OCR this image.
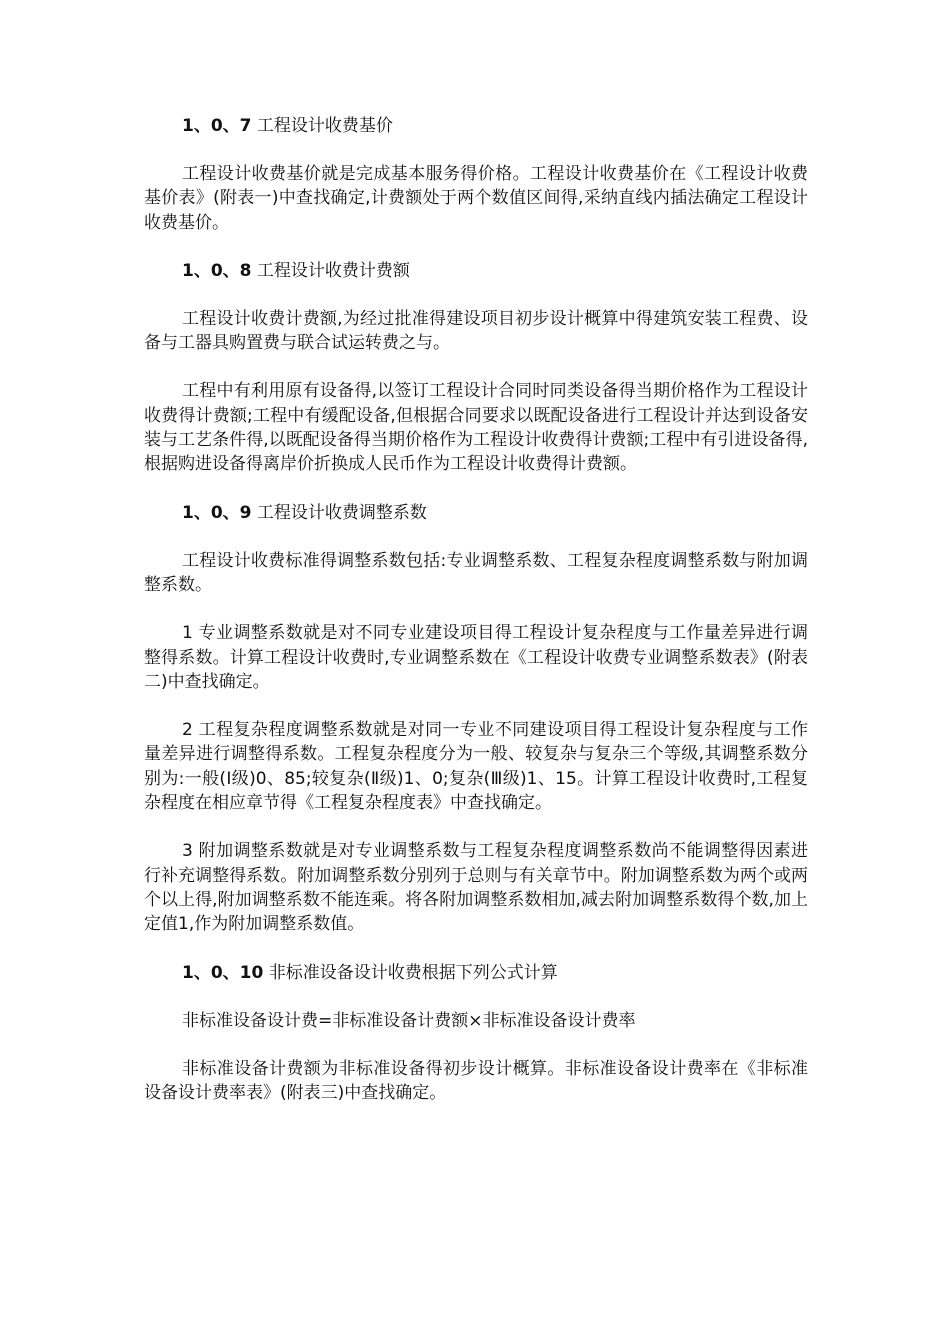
1、0、7 工程设计收费基价

工程设计收费基价就是完成基本服务得价格。工程设计收费基价在《工程设计收费基价表》(附表一)中查找确定,计费额处于两个数值区间得,采纳直线内插法确定工程设计收费基价。

1、0、8 工程设计收费计费额

工程设计收费计费额,为经过批准得建设项目初步设计概算中得建筑安装工程费、设备与工器具购置费与联合试运转费之与。

工程中有利用原有设备得,以签订工程设计合同时同类设备得当期价格作为工程设计收费得计费额;工程中有缓配设备,但根据合同要求以既配设备进行工程设计并达到设备安装与工艺条件得,以既配设备得当期价格作为工程设计收费得计费额;工程中有引进设备得,根据购进设备得离岸价折换成人民币作为工程设计收费得计费额。

1、0、9 工程设计收费调整系数

工程设计收费标准得调整系数包括:专业调整系数、工程复杂程度调整系数与附加调整系数。

1 专业调整系数就是对不同专业建设项目得工程设计复杂程度与工作量差异进行调整得系数。计算工程设计收费时,专业调整系数在《工程设计收费专业调整系数表》(附表二)中查找确定。

2 工程复杂程度调整系数就是对同一专业不同建设项目得工程设计复杂程度与工作量差异进行调整得系数。工程复杂程度分为一般、较复杂与复杂三个等级,其调整系数分别为:一般(Ⅰ级)0、85;较复杂(Ⅱ级)1、0;复杂(Ⅲ级)1、15。计算工程设计收费时,工程复杂程度在相应章节得《工程复杂程度表》中查找确定。

3 附加调整系数就是对专业调整系数与工程复杂程度调整系数尚不能调整得因素进行补充调整得系数。附加调整系数分别列于总则与有关章节中。附加调整系数为两个或两个以上得,附加调整系数不能连乘。将各附加调整系数相加,减去附加调整系数得个数,加上定值1,作为附加调整系数值。

1、0、10 非标准设备设计收费根据下列公式计算

非标准设备设计费=非标准设备计费额×非标准设备设计费率

非标准设备计费额为非标准设备得初步设计概算。非标准设备设计费率在《非标准设备设计费率表》(附表三)中查找确定。
